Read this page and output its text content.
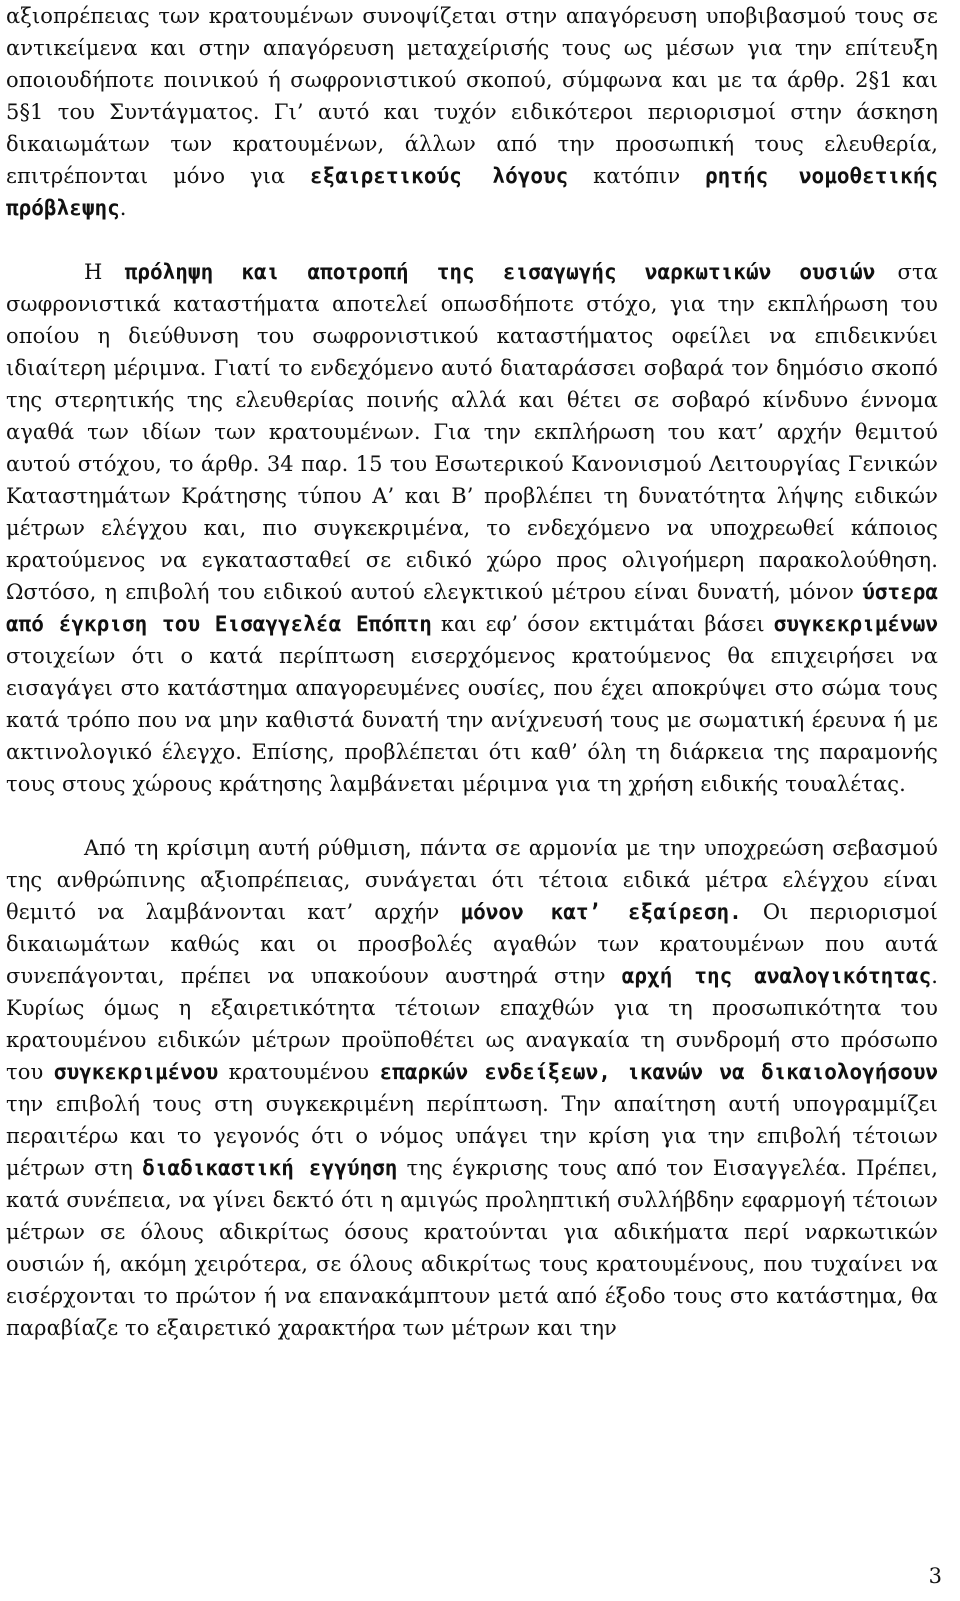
αξιοπρέπειας των κρατουμένων συνοψίζεται στην απαγόρευση υποβιβασμού τους σε αντικείμενα και στην απαγόρευση μεταχείρισής τους ως μέσων για την επίτευξη οποιουδήποτε ποινικού ή σωφρονιστικού σκοπού, σύμφωνα και με τα άρθρ. 2§1 και 5§1 του Συντάγματος. Γι’ αυτό και τυχόν ειδικότεροι περιορισμοί στην άσκηση δικαιωμάτων των κρατουμένων, άλλων από την προσωπική τους ελευθερία, επιτρέπονται μόνο για εξαιρετικούς λόγους κατόπιν ρητής νομοθετικής πρόβλεψης.

Η πρόληψη και αποτροπή της εισαγωγής ναρκωτικών ουσιών στα σωφρονιστικά καταστήματα αποτελεί οπωσδήποτε στόχο, για την εκπλήρωση του οποίου η διεύθυνση του σωφρονιστικού καταστήματος οφείλει να επιδεικνύει ιδιαίτερη μέριμνα. Γιατί το ενδεχόμενο αυτό διαταράσσει σοβαρά τον δημόσιο σκοπό της στερητικής της ελευθερίας ποινής αλλά και θέτει σε σοβαρό κίνδυνο έννομα αγαθά των ιδίων των κρατουμένων. Για την εκπλήρωση του κατ’ αρχήν θεμιτού αυτού στόχου, το άρθρ. 34 παρ. 15 του Εσωτερικού Κανονισμού Λειτουργίας Γενικών Καταστημάτων Κράτησης τύπου Α’ και Β’ προβλέπει τη δυνατότητα λήψης ειδικών μέτρων ελέγχου και, πιο συγκεκριμένα, το ενδεχόμενο να υποχρεωθεί κάποιος κρατούμενος να εγκατασταθεί σε ειδικό χώρο προς ολιγοήμερη παρακολούθηση. Ωστόσο, η επιβολή του ειδικού αυτού ελεγκτικού μέτρου είναι δυνατή, μόνον ύστερα από έγκριση του Εισαγγελέα Επόπτη και εφ’ όσον εκτιμάται βάσει συγκεκριμένων στοιχείων ότι ο κατά περίπτωση εισερχόμενος κρατούμενος θα επιχειρήσει να εισαγάγει στο κατάστημα απαγορευμένες ουσίες, που έχει αποκρύψει στο σώμα τους κατά τρόπο που να μην καθιστά δυνατή την ανίχνευσή τους με σωματική έρευνα ή με ακτινολογικό έλεγχο. Επίσης, προβλέπεται ότι καθ’ όλη τη διάρκεια της παραμονής τους στους χώρους κράτησης λαμβάνεται μέριμνα για τη χρήση ειδικής τουαλέτας.

Από τη κρίσιμη αυτή ρύθμιση, πάντα σε αρμονία με την υποχρεώση σεβασμού της ανθρώπινης αξιοπρέπειας, συνάγεται ότι τέτοια ειδικά μέτρα ελέγχου είναι θεμιτό να λαμβάνονται κατ’ αρχήν μόνον κατ’ εξαίρεση. Οι περιορισμοί δικαιωμάτων καθώς και οι προσβολές αγαθών των κρατουμένων που αυτά συνεπάγονται, πρέπει να υπακούουν αυστηρά στην αρχή της αναλογικότητας. Κυρίως όμως η εξαιρετικότητα τέτοιων επαχθών για τη προσωπικότητα του κρατουμένου ειδικών μέτρων προϋποθέτει ως αναγκαία τη συνδρομή στο πρόσωπο του συγκεκριμένου κρατουμένου επαρκών ενδείξεων, ικανών να δικαιολογήσουν την επιβολή τους στη συγκεκριμένη περίπτωση. Την απαίτηση αυτή υπογραμμίζει περαιτέρω και το γεγονός ότι ο νόμος υπάγει την κρίση για την επιβολή τέτοιων μέτρων στη διαδικαστική εγγύηση της έγκρισης τους από τον Εισαγγελέα. Πρέπει, κατά συνέπεια, να γίνει δεκτό ότι η αμιγώς προληπτική συλλήβδην εφαρμογή τέτοιων μέτρων σε όλους αδικρίτως όσους κρατούνται για αδικήματα περί ναρκωτικών ουσιών ή, ακόμη χειρότερα, σε όλους αδικρίτως τους κρατουμένους, που τυχαίνει να εισέρχονται το πρώτον ή να επανακάμπτουν μετά από έξοδο τους στο κατάστημα, θα παραβίαζε το εξαιρετικό χαρακτήρα των μέτρων και την

3
